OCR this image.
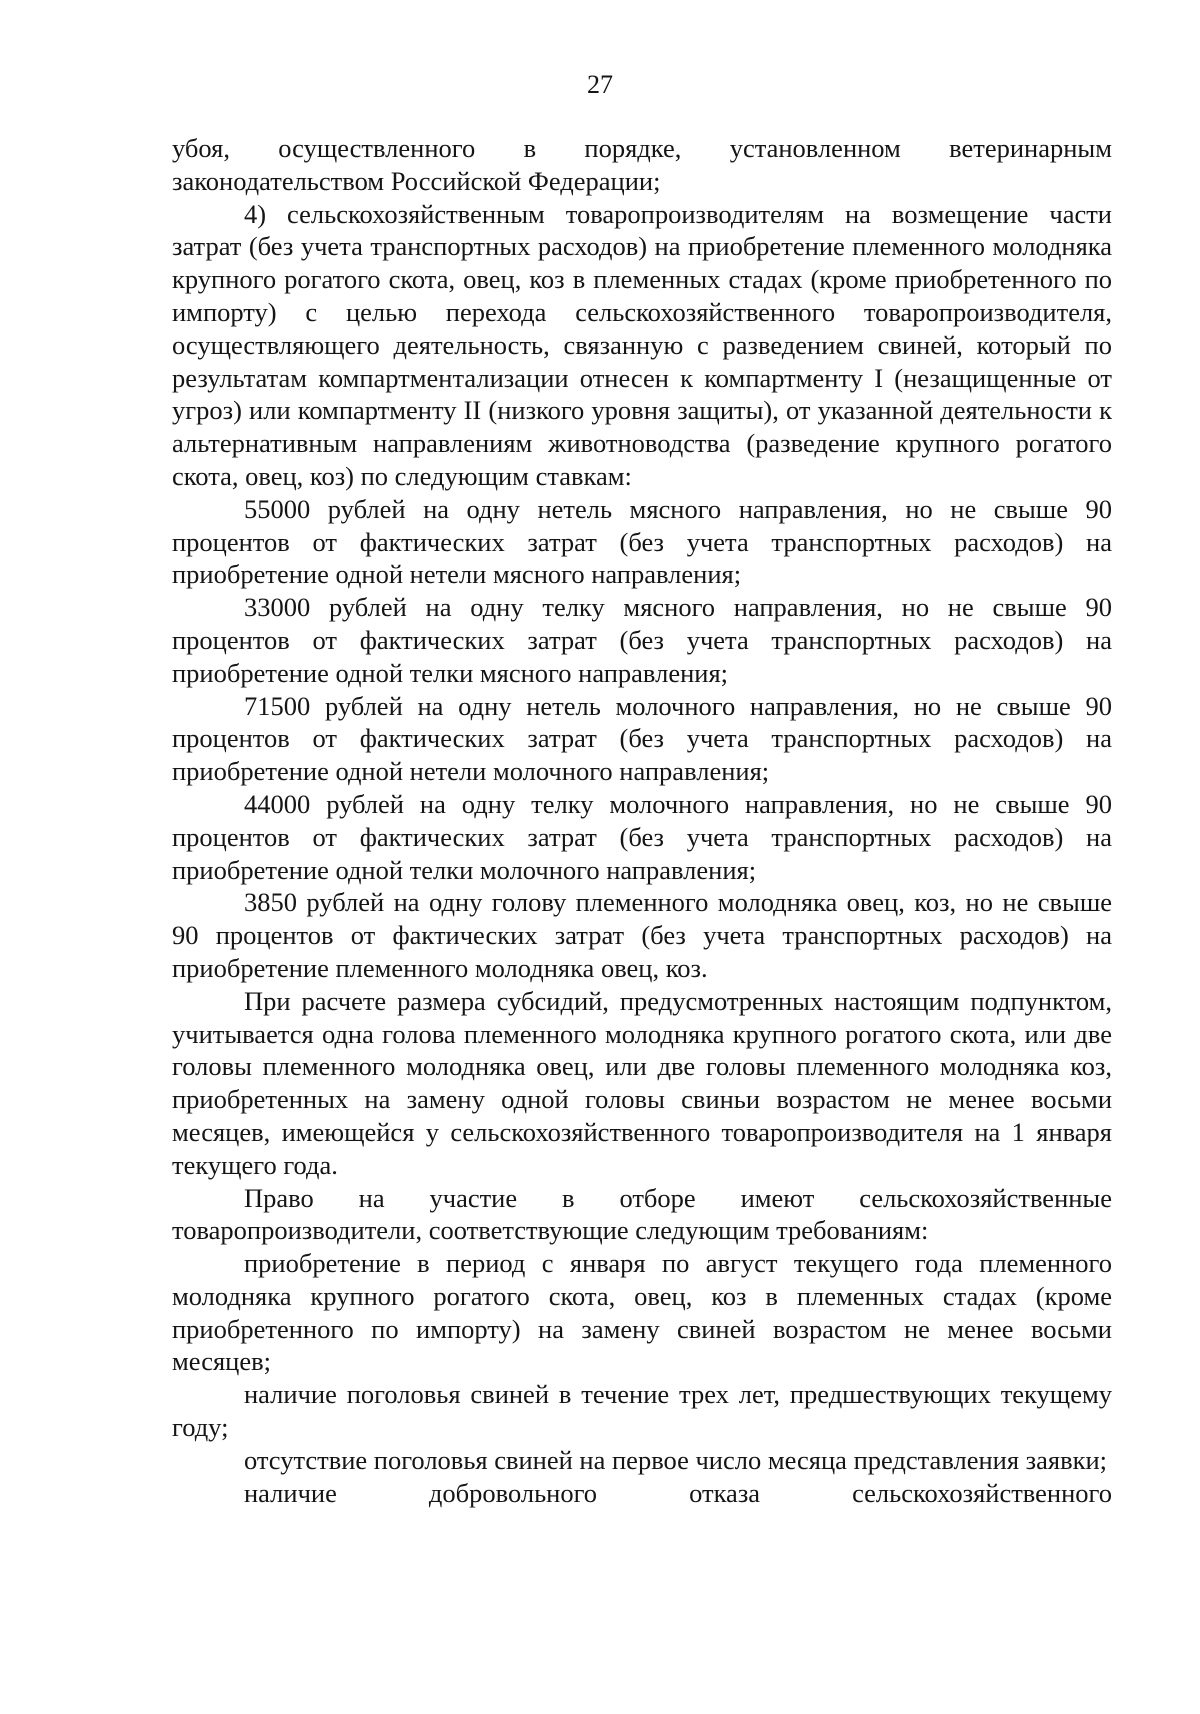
27

убоя, осуществленного в порядке, установленном ветеринарным законодательством Российской Федерации;

4) сельскохозяйственным товаропроизводителям на возмещение части затрат (без учета транспортных расходов) на приобретение племенного молодняка крупного рогатого скота, овец, коз в племенных стадах (кроме приобретенного по импорту) с целью перехода сельскохозяйственного товаропроизводителя, осуществляющего деятельность, связанную с разведением свиней, который по результатам компартментализации отнесен к компартменту I (незащищенные от угроз) или компартменту II (низкого уровня защиты), от указанной деятельности к альтернативным направлениям животноводства (разведение крупного рогатого скота, овец, коз) по следующим ставкам:

55000 рублей на одну нетель мясного направления, но не свыше 90 процентов от фактических затрат (без учета транспортных расходов) на приобретение одной нетели мясного направления;

33000 рублей на одну телку мясного направления, но не свыше 90 процентов от фактических затрат (без учета транспортных расходов) на приобретение одной телки мясного направления;

71500 рублей на одну нетель молочного направления, но не свыше 90 процентов от фактических затрат (без учета транспортных расходов) на приобретение одной нетели молочного направления;

44000 рублей на одну телку молочного направления, но не свыше 90 процентов от фактических затрат (без учета транспортных расходов) на приобретение одной телки молочного направления;

3850 рублей на одну голову племенного молодняка овец, коз, но не свыше 90 процентов от фактических затрат (без учета транспортных расходов) на приобретение племенного молодняка овец, коз.

При расчете размера субсидий, предусмотренных настоящим подпунктом, учитывается одна голова племенного молодняка крупного рогатого скота, или две головы племенного молодняка овец, или две головы племенного молодняка коз, приобретенных на замену одной головы свиньи возрастом не менее восьми месяцев, имеющейся у сельскохозяйственного товаропроизводителя на 1 января текущего года.

Право на участие в отборе имеют сельскохозяйственные товаропроизводители, соответствующие следующим требованиям:

приобретение в период с января по август текущего года племенного молодняка крупного рогатого скота, овец, коз в племенных стадах (кроме приобретенного по импорту) на замену свиней возрастом не менее восьми месяцев;

наличие поголовья свиней в течение трех лет, предшествующих текущему году;

отсутствие поголовья свиней на первое число месяца представления заявки;

наличие добровольного отказа сельскохозяйственного
